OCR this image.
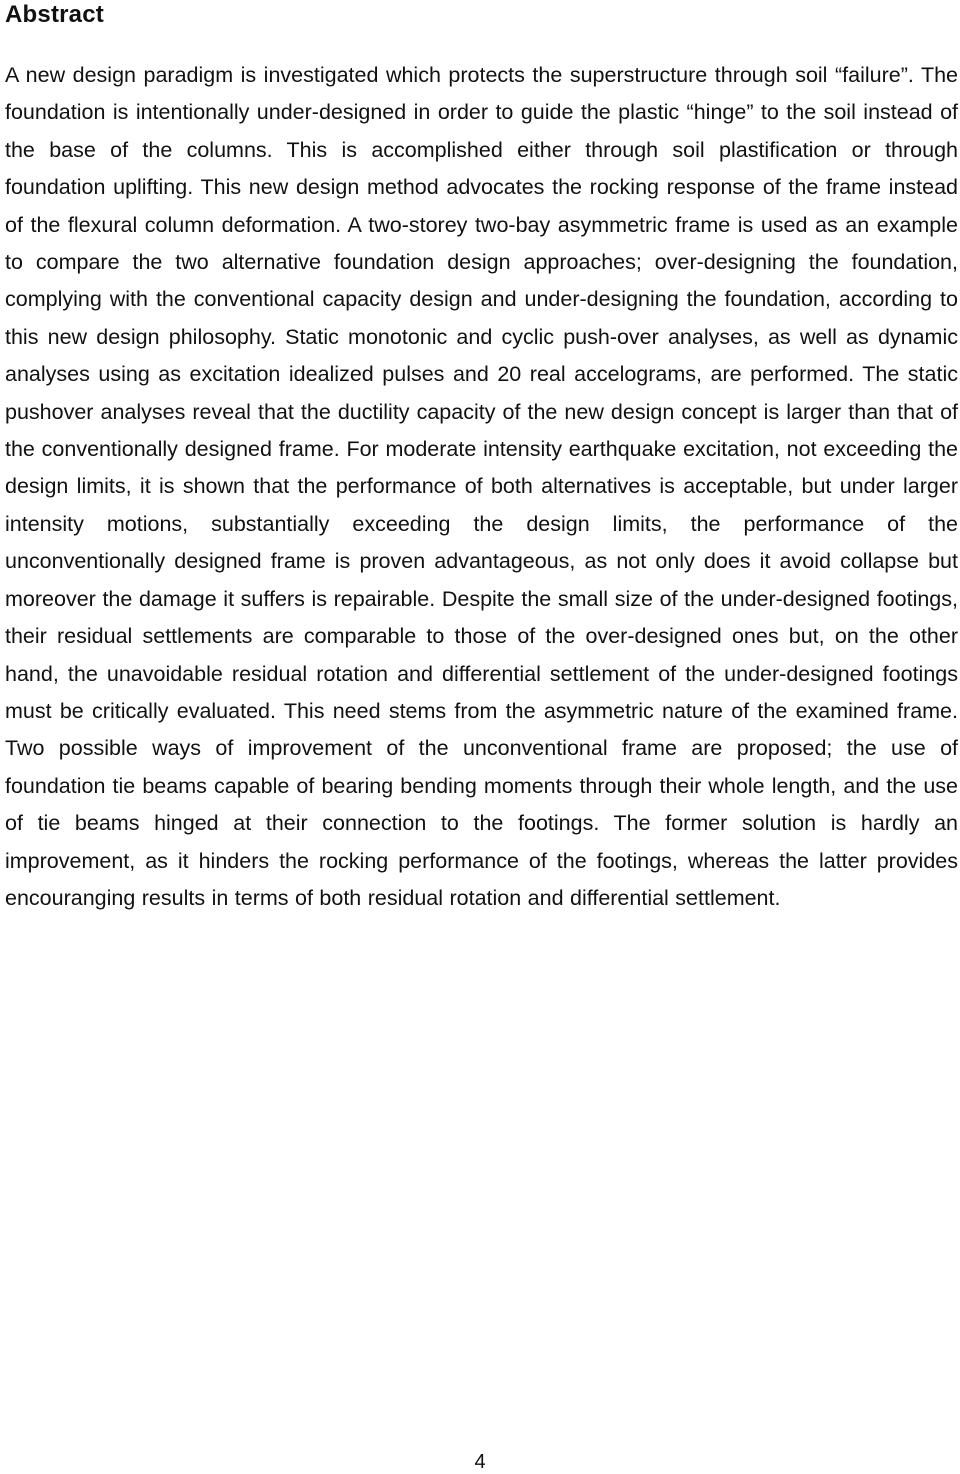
Abstract

A new design paradigm is investigated which protects the superstructure through soil “failure”. The foundation is intentionally under-designed in order to guide the plastic “hinge” to the soil instead of the base of the columns. This is accomplished either through soil plastification or through foundation uplifting. This new design method advocates the rocking response of the frame instead of the flexural column deformation. A two-storey two-bay asymmetric frame is used as an example to compare the two alternative foundation design approaches; over-designing the foundation, complying with the conventional capacity design and under-designing the foundation, according to this new design philosophy. Static monotonic and cyclic push-over analyses, as well as dynamic analyses using as excitation idealized pulses and 20 real accelograms, are performed. The static pushover analyses reveal that the ductility capacity of the new design concept is larger than that of the conventionally designed frame. For moderate intensity earthquake excitation, not exceeding the design limits, it is shown that the performance of both alternatives is acceptable, but under larger intensity motions, substantially exceeding the design limits, the performance of the unconventionally designed frame is proven advantageous, as not only does it avoid collapse but moreover the damage it suffers is repairable. Despite the small size of the under-designed footings, their residual settlements are comparable to those of the over-designed ones but, on the other hand, the unavoidable residual rotation and differential settlement of the under-designed footings must be critically evaluated. This need stems from the asymmetric nature of the examined frame. Two possible ways of improvement of the unconventional frame are proposed; the use of foundation tie beams capable of bearing bending moments through their whole length, and the use of tie beams hinged at their connection to the footings. The former solution is hardly an improvement, as it hinders the rocking performance of the footings, whereas the latter provides encouranging results in terms of both residual rotation and differential settlement.

4
